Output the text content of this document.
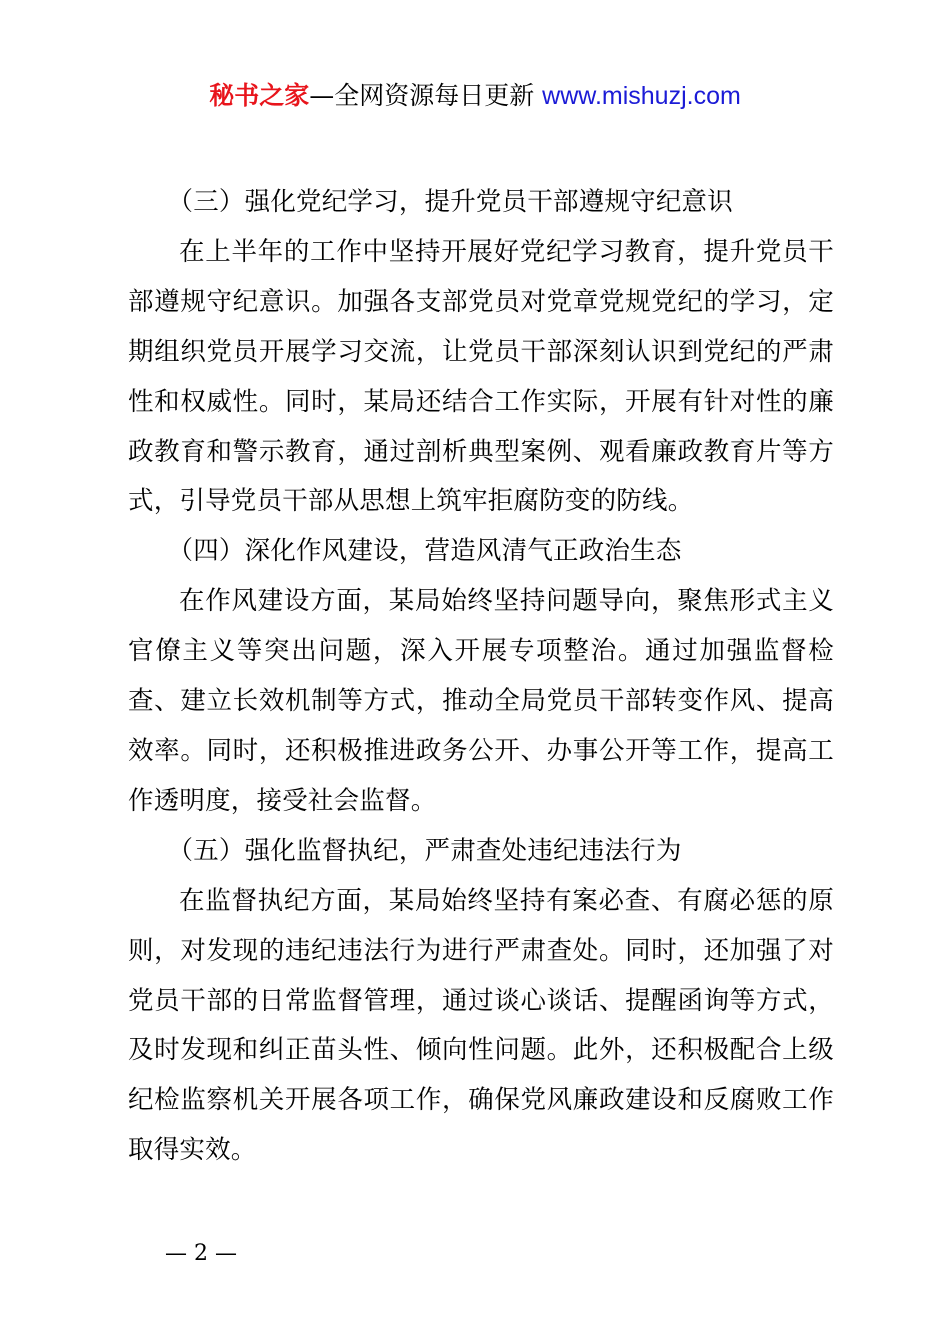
秘书之家—全网资源每日更新 www.mishuzj.com

（三）强化党纪学习，提升党员干部遵规守纪意识

在上半年的工作中坚持开展好党纪学习教育，提升党员干部遵规守纪意识。加强各支部党员对党章党规党纪的学习，定期组织党员开展学习交流，让党员干部深刻认识到党纪的严肃性和权威性。同时，某局还结合工作实际，开展有针对性的廉政教育和警示教育，通过剖析典型案例、观看廉政教育片等方式，引导党员干部从思想上筑牢拒腐防变的防线。

（四）深化作风建设，营造风清气正政治生态

在作风建设方面，某局始终坚持问题导向，聚焦形式主义官僚主义等突出问题，深入开展专项整治。通过加强监督检查、建立长效机制等方式，推动全局党员干部转变作风、提高效率。同时，还积极推进政务公开、办事公开等工作，提高工作透明度，接受社会监督。

（五）强化监督执纪，严肃查处违纪违法行为

在监督执纪方面，某局始终坚持有案必查、有腐必惩的原则，对发现的违纪违法行为进行严肃查处。同时，还加强了对党员干部的日常监督管理，通过谈心谈话、提醒函询等方式，及时发现和纠正苗头性、倾向性问题。此外，还积极配合上级纪检监察机关开展各项工作，确保党风廉政建设和反腐败工作取得实效。

— 2 —
